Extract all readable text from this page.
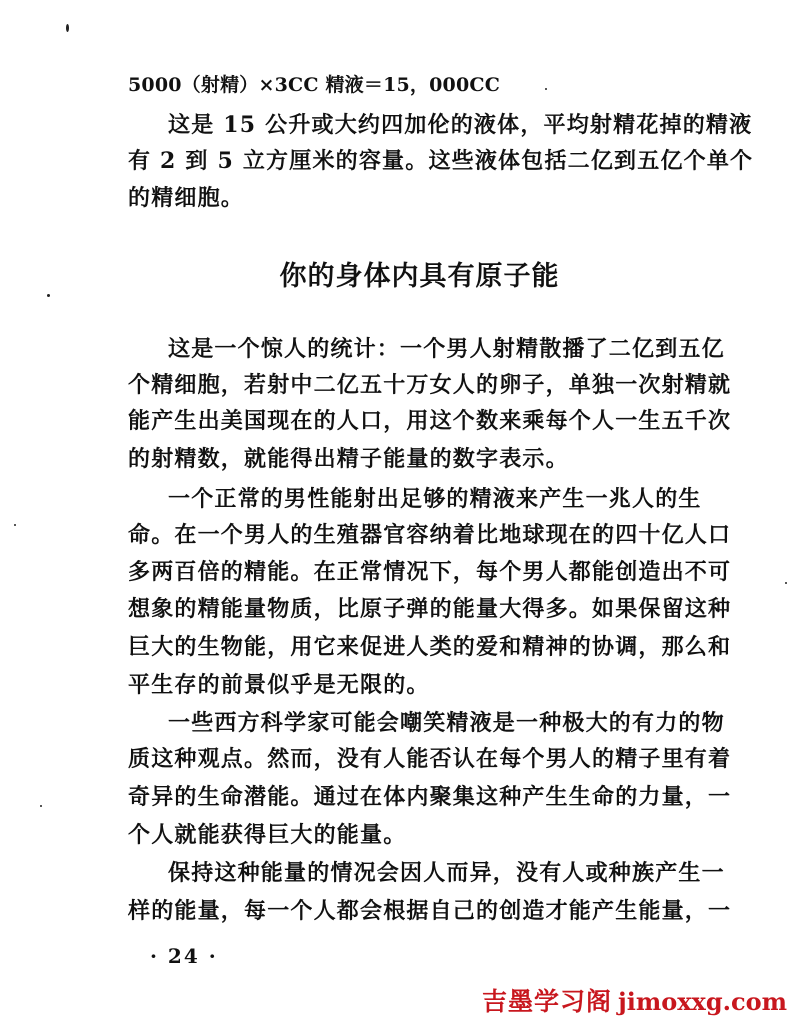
5000（射精）×3CC 精液＝15，000CC
这是 15 公升或大约四加伦的液体，平均射精花掉的精液
有 2 到 5 立方厘米的容量。这些液体包括二亿到五亿个单个
的精细胞。
你的身体内具有原子能
这是一个惊人的统计：一个男人射精散播了二亿到五亿
个精细胞，若射中二亿五十万女人的卵子，单独一次射精就
能产生出美国现在的人口，用这个数来乘每个人一生五千次
的射精数，就能得出精子能量的数字表示。
一个正常的男性能射出足够的精液来产生一兆人的生
命。在一个男人的生殖器官容纳着比地球现在的四十亿人口
多两百倍的精能。在正常情况下，每个男人都能创造出不可
想象的精能量物质，比原子弹的能量大得多。如果保留这种
巨大的生物能，用它来促进人类的爱和精神的协调，那么和
平生存的前景似乎是无限的。
一些西方科学家可能会嘲笑精液是一种极大的有力的物
质这种观点。然而，没有人能否认在每个男人的精子里有着
奇异的生命潜能。通过在体内聚集这种产生生命的力量，一
个人就能获得巨大的能量。
保持这种能量的情况会因人而异，没有人或种族产生一
样的能量，每一个人都会根据自己的创造才能产生能量，一
· 24 ·
吉墨学习阁 jimoxxg.com
